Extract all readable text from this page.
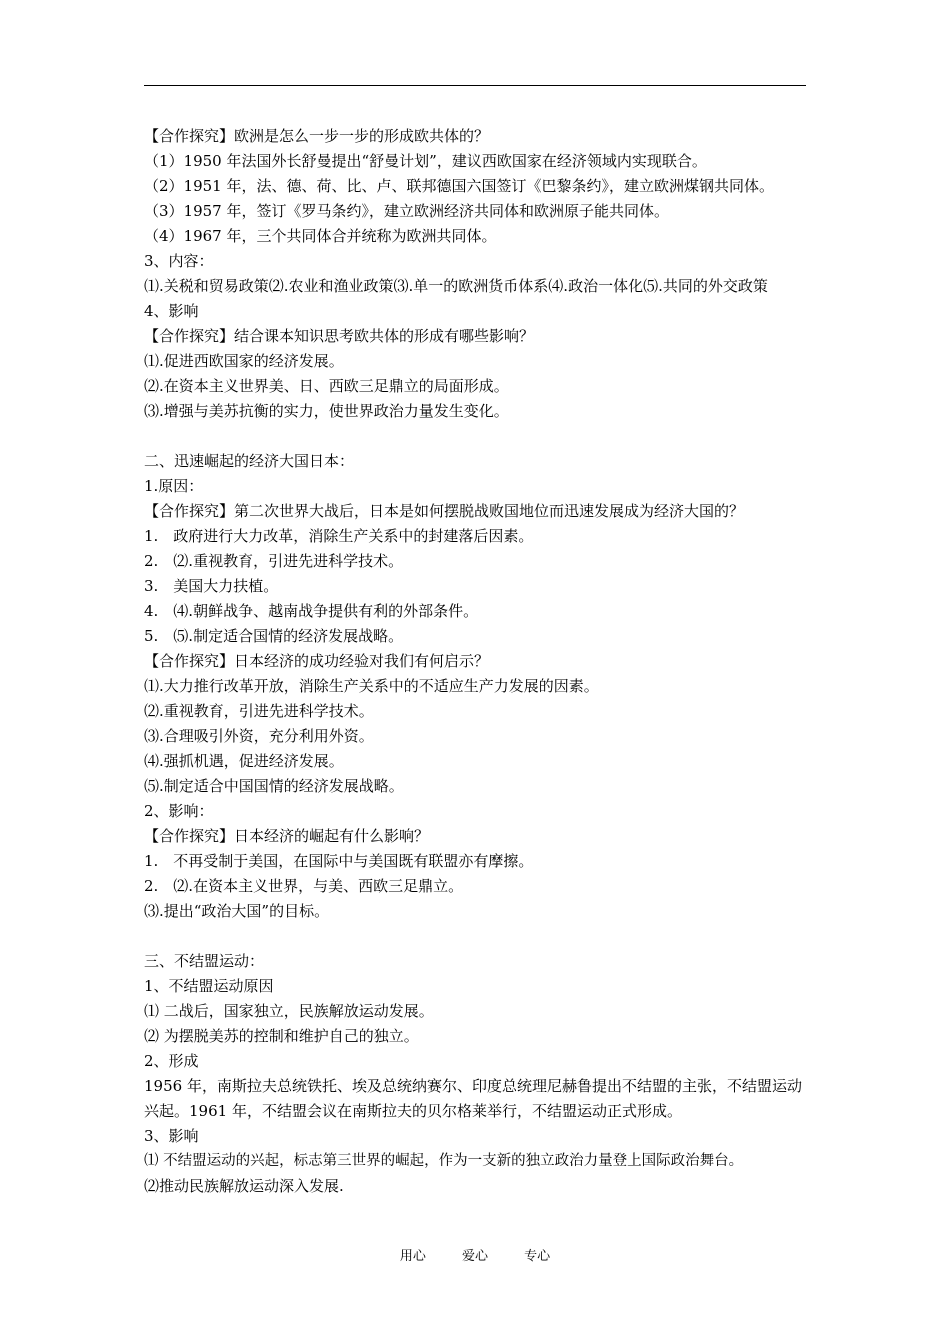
【合作探究】欧洲是怎么一步一步的形成欧共体的？
（1）1950 年法国外长舒曼提出“舒曼计划”，建议西欧国家在经济领域内实现联合。
（2）1951 年，法、德、荷、比、卢、联邦德国六国签订《巴黎条约》，建立欧洲煤钢共同体。
（3）1957 年，签订《罗马条约》，建立欧洲经济共同体和欧洲原子能共同体。
（4）1967 年，三个共同体合并统称为欧洲共同体。
3、内容：
⑴.关税和贸易政策⑵.农业和渔业政策⑶.单一的欧洲货币体系⑷.政治一体化⑸.共同的外交政策
4、影响
【合作探究】结合课本知识思考欧共体的形成有哪些影响？
⑴.促进西欧国家的经济发展。
⑵.在资本主义世界美、日、西欧三足鼎立的局面形成。
⑶.增强与美苏抗衡的实力，使世界政治力量发生变化。
二、迅速崛起的经济大国日本：
1.原因：
【合作探究】第二次世界大战后，日本是如何摆脱战败国地位而迅速发展成为经济大国的？
1.　政府进行大力改革，消除生产关系中的封建落后因素。
2.　⑵.重视教育，引进先进科学技术。
3.　美国大力扶植。
4.　⑷.朝鲜战争、越南战争提供有利的外部条件。
5.　⑸.制定适合国情的经济发展战略。
【合作探究】日本经济的成功经验对我们有何启示？
⑴.大力推行改革开放，消除生产关系中的不适应生产力发展的因素。
⑵.重视教育，引进先进科学技术。
⑶.合理吸引外资，充分利用外资。
⑷.强抓机遇，促进经济发展。
⑸.制定适合中国国情的经济发展战略。
2、影响：
【合作探究】日本经济的崛起有什么影响？
1.　不再受制于美国，在国际中与美国既有联盟亦有摩擦。
2.　⑵.在资本主义世界，与美、西欧三足鼎立。
⑶.提出“政治大国”的目标。
三、不结盟运动：
1、不结盟运动原因
⑴ 二战后，国家独立，民族解放运动发展。
⑵ 为摆脱美苏的控制和维护自己的独立。
2、形成
1956 年，南斯拉夫总统铁托、埃及总统纳赛尔、印度总统理尼赫鲁提出不结盟的主张，不结盟运动兴起。1961 年，不结盟会议在南斯拉夫的贝尔格莱举行，不结盟运动正式形成。
3、影响
⑴ 不结盟运动的兴起，标志第三世界的崛起，作为一支新的独立政治力量登上国际政治舞台。
⑵推动民族解放运动深入发展.
用心	爱心	专心
